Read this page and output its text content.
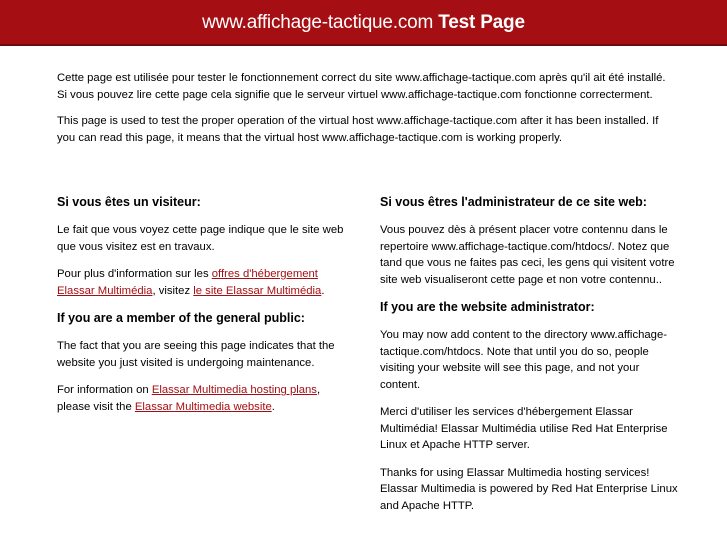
www.affichage-tactique.com Test Page

Cette page est utilisée pour tester le fonctionnement correct du site www.affichage-tactique.com après qu'il ait été installé. Si vous pouvez lire cette page cela signifie que le serveur virtuel www.affichage-tactique.com fonctionne correcterment.

This page is used to test the proper operation of the virtual host www.affichage-tactique.com after it has been installed. If you can read this page, it means that the virtual host www.affichage-tactique.com is working properly.

Si vous êtes un visiteur:

Le fait que vous voyez cette page indique que le site web que vous visitez est en travaux.

Pour plus d'information sur les offres d'hébergement Elassar Multimédia, visitez le site Elassar Multimédia.

If you are a member of the general public:

The fact that you are seeing this page indicates that the website you just visited is undergoing maintenance.

For information on Elassar Multimedia hosting plans, please visit the Elassar Multimedia website.

Si vous êtres l'administrateur de ce site web:

Vous pouvez dès à présent placer votre contennu dans le repertoire www.affichage-tactique.com/htdocs/. Notez que tand que vous ne faites pas ceci, les gens qui visitent votre site web visualiseront cette page et non votre contennu..

If you are the website administrator:

You may now add content to the directory www.affichage-tactique.com/htdocs. Note that until you do so, people visiting your website will see this page, and not your content.

Merci d'utiliser les services d'hébergement Elassar Multimédia! Elassar Multimédia utilise Red Hat Enterprise Linux et Apache HTTP server.

Thanks for using Elassar Multimedia hosting services! Elassar Multimedia is powered by Red Hat Enterprise Linux and Apache HTTP.
